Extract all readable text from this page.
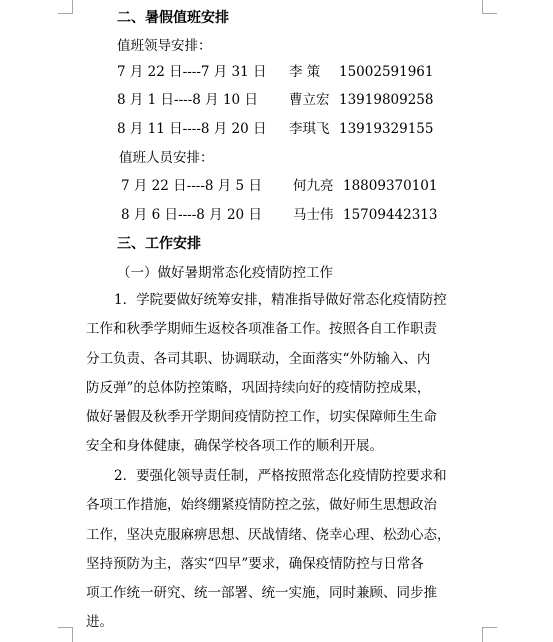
二、暑假值班安排
值班领导安排：
7 月 22 日----7 月 31 日 李 策 15002591961
8 月 1 日----8 月 10 日 曹立宏 13919809258
8 月 11 日----8 月 20 日 李琪飞 13919329155
值班人员安排：
7 月 22 日----8 月 5 日 何九亮 18809370101
8 月 6 日----8 月 20 日 马士伟 15709442313
三、工作安排
（一）做好暑期常态化疫情防控工作
1．学院要做好统筹安排，精准指导做好常态化疫情防控
工作和秋季学期师生返校各项准备工作。按照各自工作职责
分工负责、各司其职、协调联动，全面落实“外防输入、内
防反弹”的总体防控策略，巩固持续向好的疫情防控成果，
做好暑假及秋季开学期间疫情防控工作，切实保障师生生命
安全和身体健康，确保学校各项工作的顺利开展。
2．要强化领导责任制，严格按照常态化疫情防控要求和
各项工作措施，始终绷紧疫情防控之弦，做好师生思想政治
工作，坚决克服麻痹思想、厌战情绪、侥幸心理、松劲心态，
坚持预防为主，落实“四早”要求，确保疫情防控与日常各
项工作统一研究、统一部署、统一实施，同时兼顾、同步推
进。
